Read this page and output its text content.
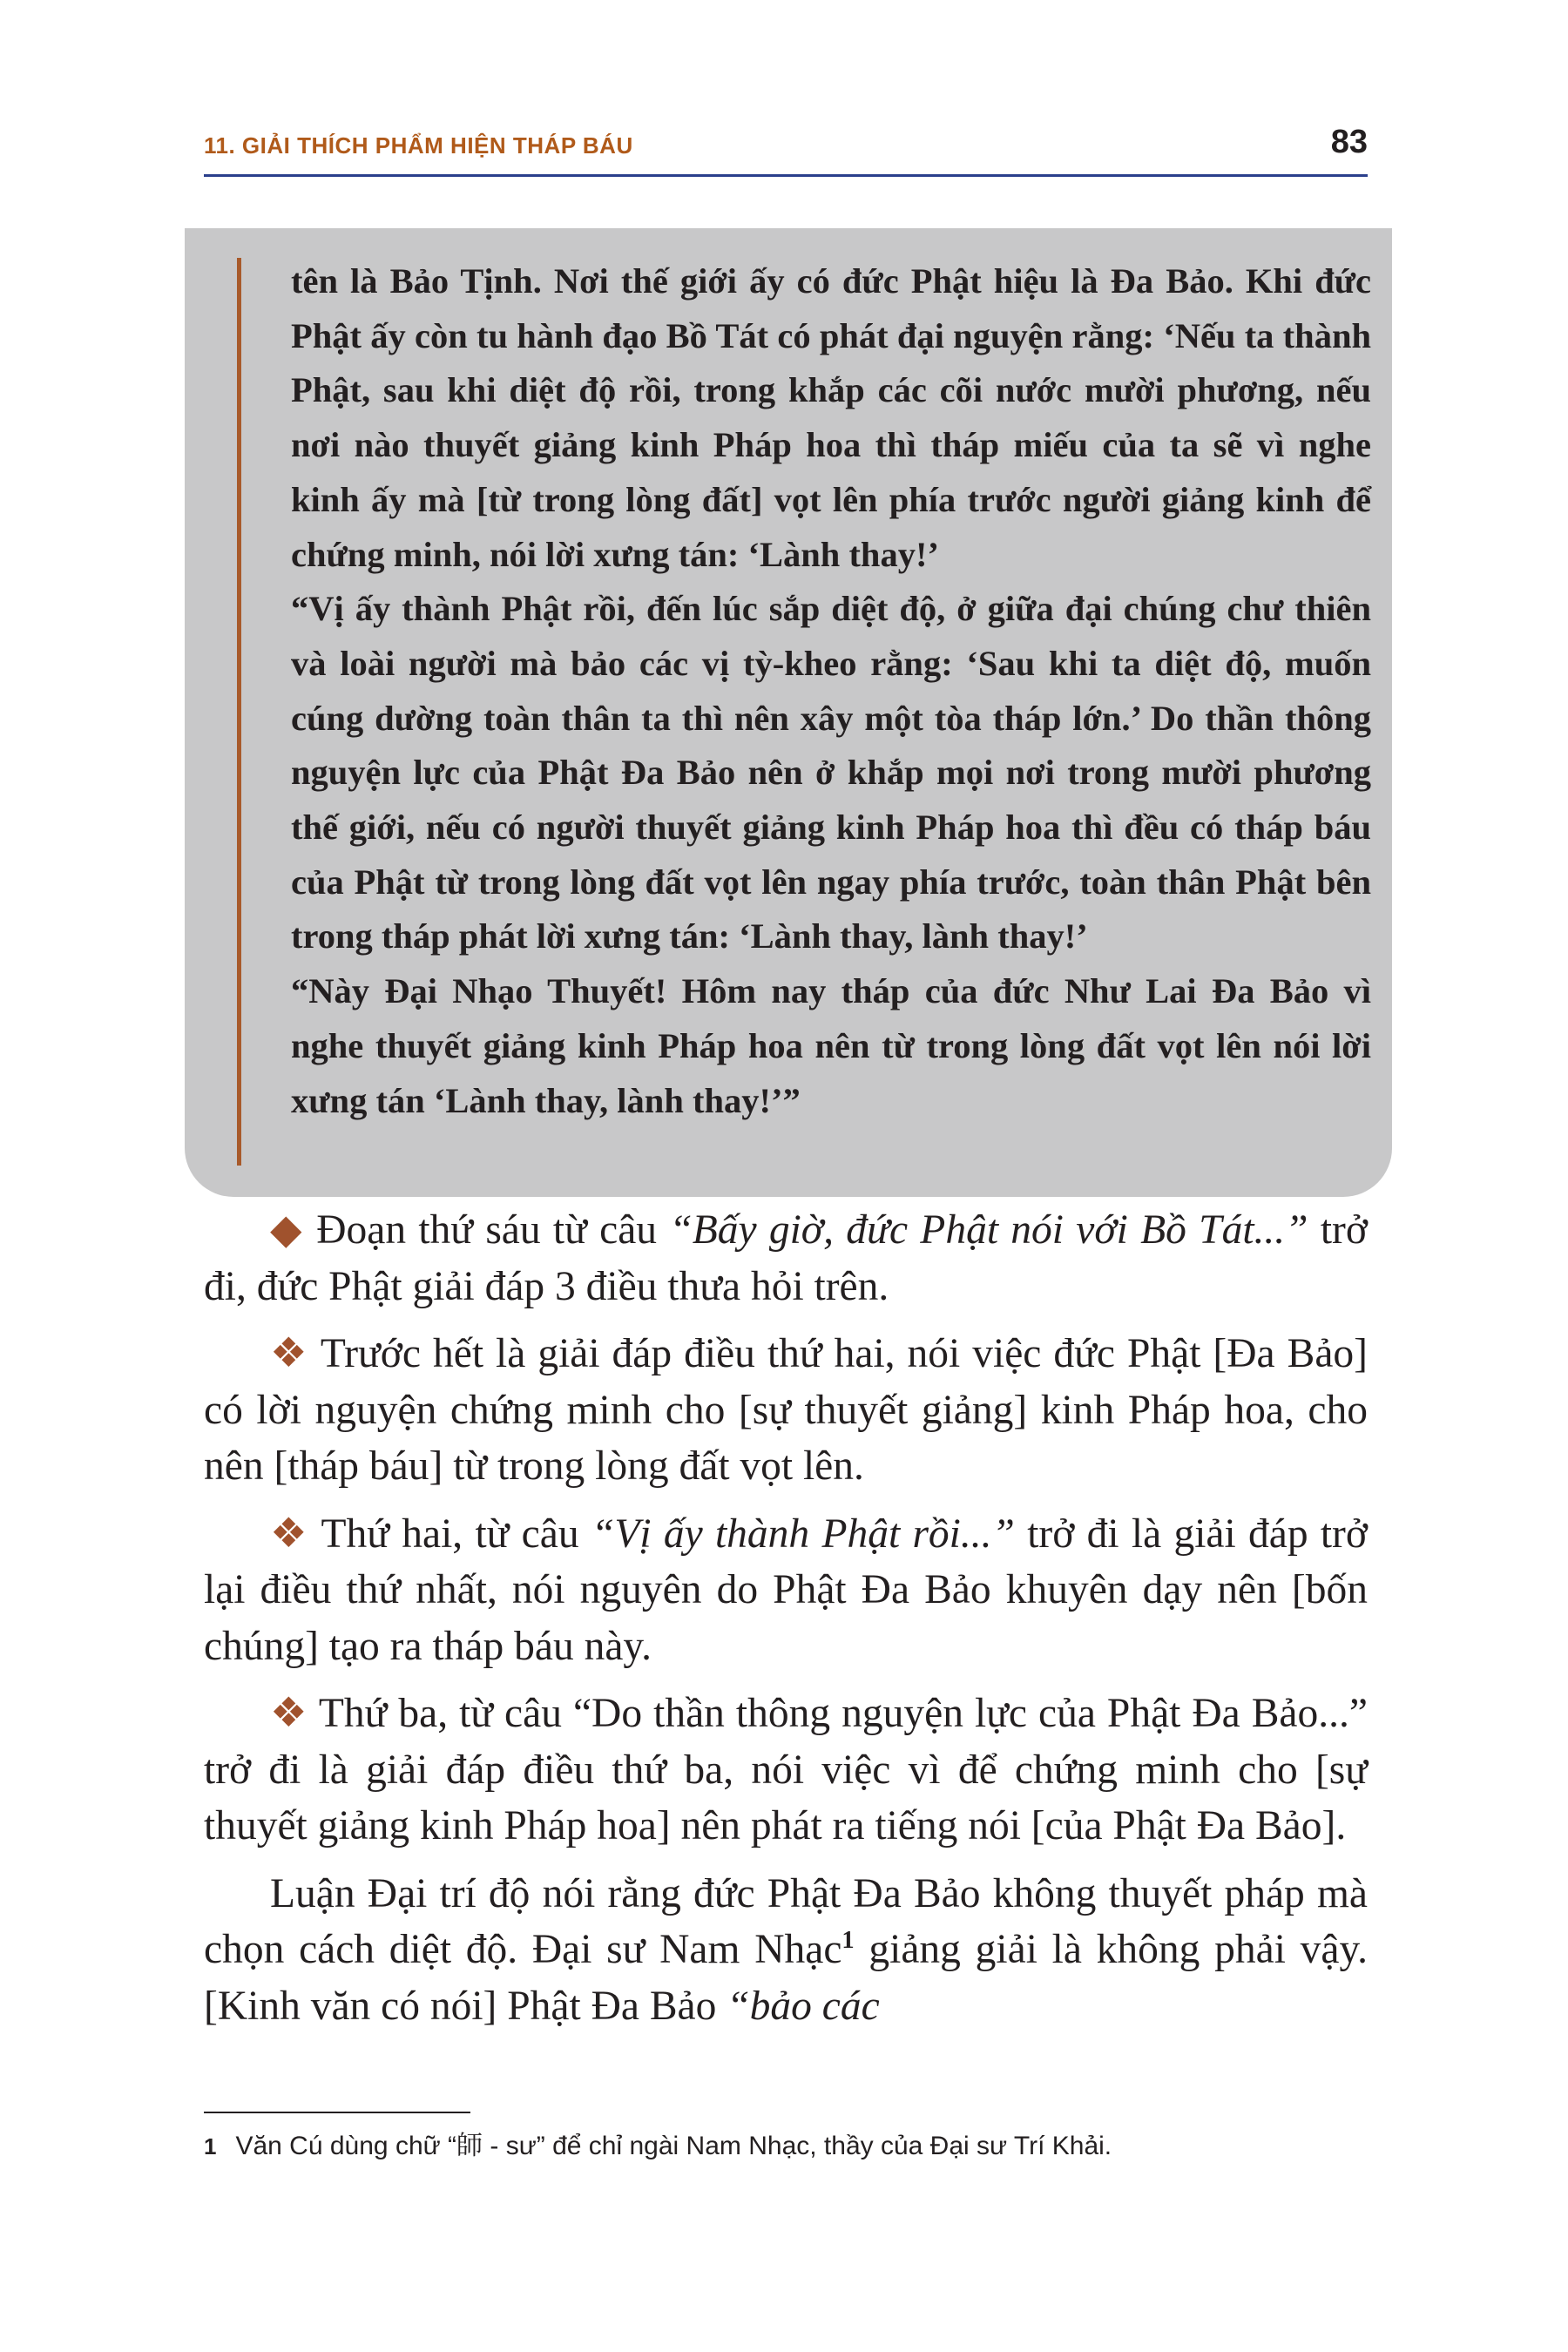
11. GIẢI THÍCH PHẨM HIỆN THÁP BÁU	83

tên là Bảo Tịnh. Nơi thế giới ấy có đức Phật hiệu là Đa Bảo. Khi đức Phật ấy còn tu hành đạo Bồ Tát có phát đại nguyện rằng: ‘Nếu ta thành Phật, sau khi diệt độ rồi, trong khắp các cõi nước mười phương, nếu nơi nào thuyết giảng kinh Pháp hoa thì tháp miếu của ta sẽ vì nghe kinh ấy mà [từ trong lòng đất] vọt lên phía trước người giảng kinh để chứng minh, nói lời xưng tán: ‘Lành thay!’

“Vị ấy thành Phật rồi, đến lúc sắp diệt độ, ở giữa đại chúng chư thiên và loài người mà bảo các vị tỳ-kheo rằng: ‘Sau khi ta diệt độ, muốn cúng dường toàn thân ta thì nên xây một tòa tháp lớn.’ Do thần thông nguyện lực của Phật Đa Bảo nên ở khắp mọi nơi trong mười phương thế giới, nếu có người thuyết giảng kinh Pháp hoa thì đều có tháp báu của Phật từ trong lòng đất vọt lên ngay phía trước, toàn thân Phật bên trong tháp phát lời xưng tán: ‘Lành thay, lành thay!’

“Này Đại Nhạo Thuyết! Hôm nay tháp của đức Như Lai Đa Bảo vì nghe thuyết giảng kinh Pháp hoa nên từ trong lòng đất vọt lên nói lời xưng tán ‘Lành thay, lành thay!’”

◆ Đoạn thứ sáu từ câu “Bấy giờ, đức Phật nói với Bồ Tát...” trở đi, đức Phật giải đáp 3 điều thưa hỏi trên.

❖ Trước hết là giải đáp điều thứ hai, nói việc đức Phật [Đa Bảo] có lời nguyện chứng minh cho [sự thuyết giảng] kinh Pháp hoa, cho nên [tháp báu] từ trong lòng đất vọt lên.

❖ Thứ hai, từ câu “Vị ấy thành Phật rồi...” trở đi là giải đáp trở lại điều thứ nhất, nói nguyên do Phật Đa Bảo khuyên dạy nên [bốn chúng] tạo ra tháp báu này.

❖ Thứ ba, từ câu “Do thần thông nguyện lực của Phật Đa Bảo...” trở đi là giải đáp điều thứ ba, nói việc vì để chứng minh cho [sự thuyết giảng kinh Pháp hoa] nên phát ra tiếng nói [của Phật Đa Bảo].

Luận Đại trí độ nói rằng đức Phật Đa Bảo không thuyết pháp mà chọn cách diệt độ. Đại sư Nam Nhạc$^1$ giảng giải là không phải vậy. [Kinh văn có nói] Phật Đa Bảo “bảo các

1 Văn Cú dùng chữ “師 - sư” để chỉ ngài Nam Nhạc, thầy của Đại sư Trí Khải.
